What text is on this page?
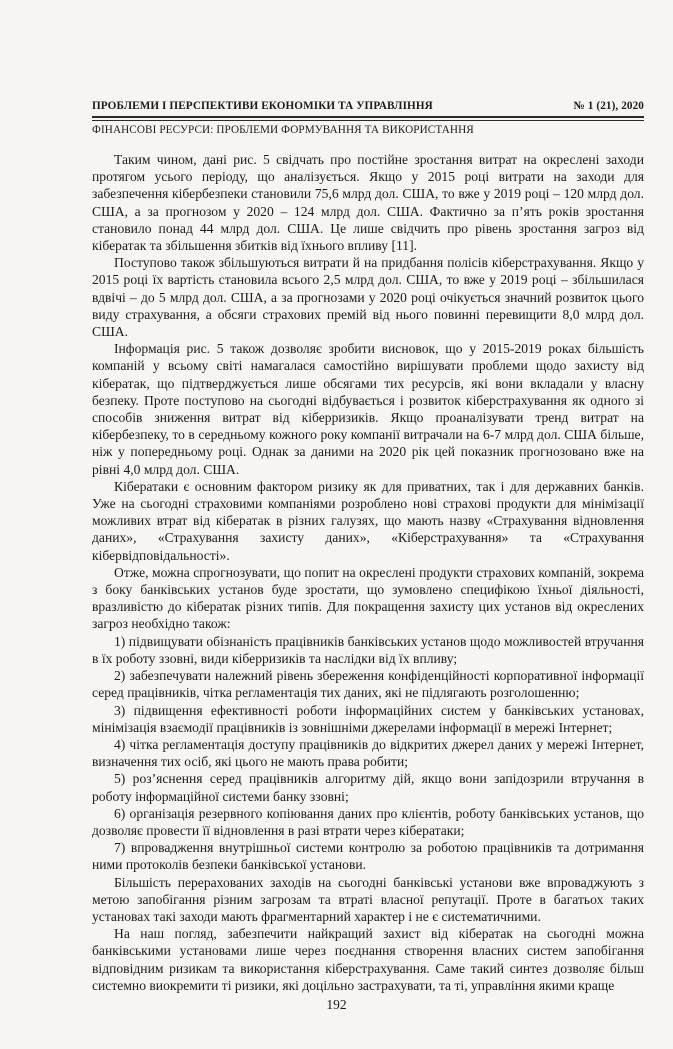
ПРОБЛЕМИ І ПЕРСПЕКТИВИ ЕКОНОМІКИ ТА УПРАВЛІННЯ	№ 1 (21), 2020
ФІНАНСОВІ РЕСУРСИ: ПРОБЛЕМИ ФОРМУВАННЯ ТА ВИКОРИСТАННЯ

Таким чином, дані рис. 5 свідчать про постійне зростання витрат на окреслені заходи протягом усього періоду, що аналізується. Якщо у 2015 році витрати на заходи для забезпечення кібербезпеки становили 75,6 млрд дол. США, то вже у 2019 році – 120 млрд дол. США, а за прогнозом у 2020 – 124 млрд дол. США. Фактично за п’ять років зростання становило понад 44 млрд дол. США. Це лише свідчить про рівень зростання загроз від кібератак та збільшення збитків від їхнього впливу [11].

Поступово також збільшуються витрати й на придбання полісів кіберстрахування. Якщо у 2015 році їх вартість становила всього 2,5 млрд дол. США, то вже у 2019 році – збільшилася вдвічі – до 5 млрд дол. США, а за прогнозами у 2020 році очікується значний розвиток цього виду страхування, а обсяги страхових премій від нього повинні перевищити 8,0 млрд дол. США.

Інформація рис. 5 також дозволяє зробити висновок, що у 2015-2019 роках більшість компаній у всьому світі намагалася самостійно вирішувати проблеми щодо захисту від кібератак, що підтверджується лише обсягами тих ресурсів, які вони вкладали у власну безпеку. Проте поступово на сьогодні відбувається і розвиток кіберстрахування як одного зі способів зниження витрат від кіберризиків. Якщо проаналізувати тренд витрат на кібербезпеку, то в середньому кожного року компанії витрачали на 6-7 млрд дол. США більше, ніж у попередньому році. Однак за даними на 2020 рік цей показник прогнозовано вже на рівні 4,0 млрд дол. США.

Кібератаки є основним фактором ризику як для приватних, так і для державних банків. Уже на сьогодні страховими компаніями розроблено нові страхові продукти для мінімізації можливих втрат від кібератак в різних галузях, що мають назву «Страхування відновлення даних», «Страхування захисту даних», «Кіберстрахування» та «Страхування кібервідповідальності».

Отже, можна спрогнозувати, що попит на окреслені продукти страхових компаній, зокрема з боку банківських установ буде зростати, що зумовлено специфікою їхньої діяльності, вразливістю до кібератак різних типів. Для покращення захисту цих установ від окреслених загроз необхідно також:

1) підвищувати обізнаність працівників банківських установ щодо можливостей втручання в їх роботу ззовні, види кіберризиків та наслідки від їх впливу;

2) забезпечувати належний рівень збереження конфіденційності корпоративної інформації серед працівників, чітка регламентація тих даних, які не підлягають розголошенню;

3) підвищення ефективності роботи інформаційних систем у банківських установах, мінімізація взаємодії працівників із зовнішніми джерелами інформації в мережі Інтернет;

4) чітка регламентація доступу працівників до відкритих джерел даних у мережі Інтернет, визначення тих осіб, які цього не мають права робити;

5) роз’яснення серед працівників алгоритму дій, якщо вони запідозрили втручання в роботу інформаційної системи банку ззовні;

6) організація резервного копіювання даних про клієнтів, роботу банківських установ, що дозволяє провести її відновлення в разі втрати через кібератаки;

7) впровадження внутрішньої системи контролю за роботою працівників та дотримання ними протоколів безпеки банківської установи.

Більшість перерахованих заходів на сьогодні банківські установи вже впроваджують з метою запобігання різним загрозам та втраті власної репутації. Проте в багатьох таких установах такі заходи мають фрагментарний характер і не є систематичними.

На наш погляд, забезпечити найкращий захист від кібератак на сьогодні можна банківськими установами лише через поєднання створення власних систем запобігання відповідним ризикам та використання кіберстрахування. Саме такий синтез дозволяє більш системно виокремити ті ризики, які доцільно застрахувати, та ті, управління якими краще

192
